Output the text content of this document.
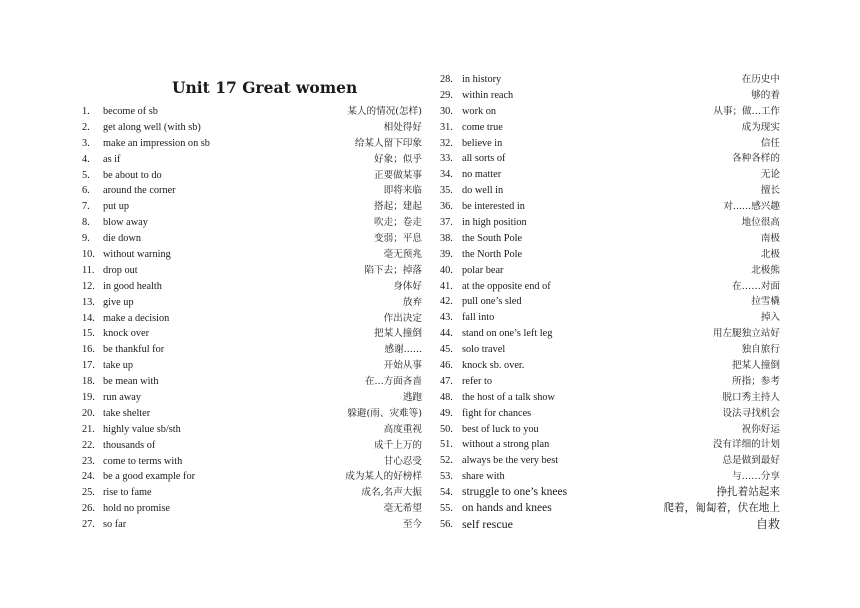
Unit 17 Great women
1. become of sb	某人的情况(怎样)
2. get along well (with sb)	相处得好
3. make an impression on sb	给某人留下印象
4. as if	好象；似乎
5. be about to do	正要做某事
6. around the corner	即将来临
7. put up	搭起；建起
8. blow away	吹走；卷走
9. die down	变弱；平息
10. without warning	毫无预兆
11. drop out	陷下去；掉落
12. in good health	身体好
13. give up	放弃
14. make a decision	作出决定
15. knock over	把某人撞倒
16. be thankful for	感谢......
17. take up	开始从事
18. be mean with	在...方面吝啬
19. run away	逃跑
20. take shelter	躲避(雨、灾难等)
21. highly value sb/sth	高度重视
22. thousands of	成千上万的
23. come to terms with	甘心忍受
24. be a good example for	成为某人的好榜样
25. rise to fame	成名,名声大振
26. hold no promise	毫无希望
27. so far	至今
28. in history	在历史中
29. within reach	够的着
30. work on	从事；做...工作
31. come true	成为现实
32. believe in	信任
33. all sorts of	各种各样的
34. no matter	无论
35. do well in	擅长
36. be interested in	对......感兴趣
37. in high position	地位很高
38. the South Pole	南极
39. the North Pole	北极
40. polar bear	北极熊
41. at the opposite end of	在……对面
42. pull one’s sled	拉雪橇
43. fall into	掉入
44. stand on one’s left leg	用左腿独立站好
45. solo travel	独自旅行
46. knock sb. over.	把某人撞倒
47. refer to	所指；参考
48. the host of a talk show	脱口秀主持人
49. fight for chances	设法寻找机会
50. best of luck to you	祝你好运
51. without a strong plan	没有详细的计划
52. always be the very best	总是做到最好
53. share with	与……分享
54. struggle to one’s knees	挣扎着站起来
55. on hands and knees	爬着，匍匐着，伏在地上
56. self rescue	自救
